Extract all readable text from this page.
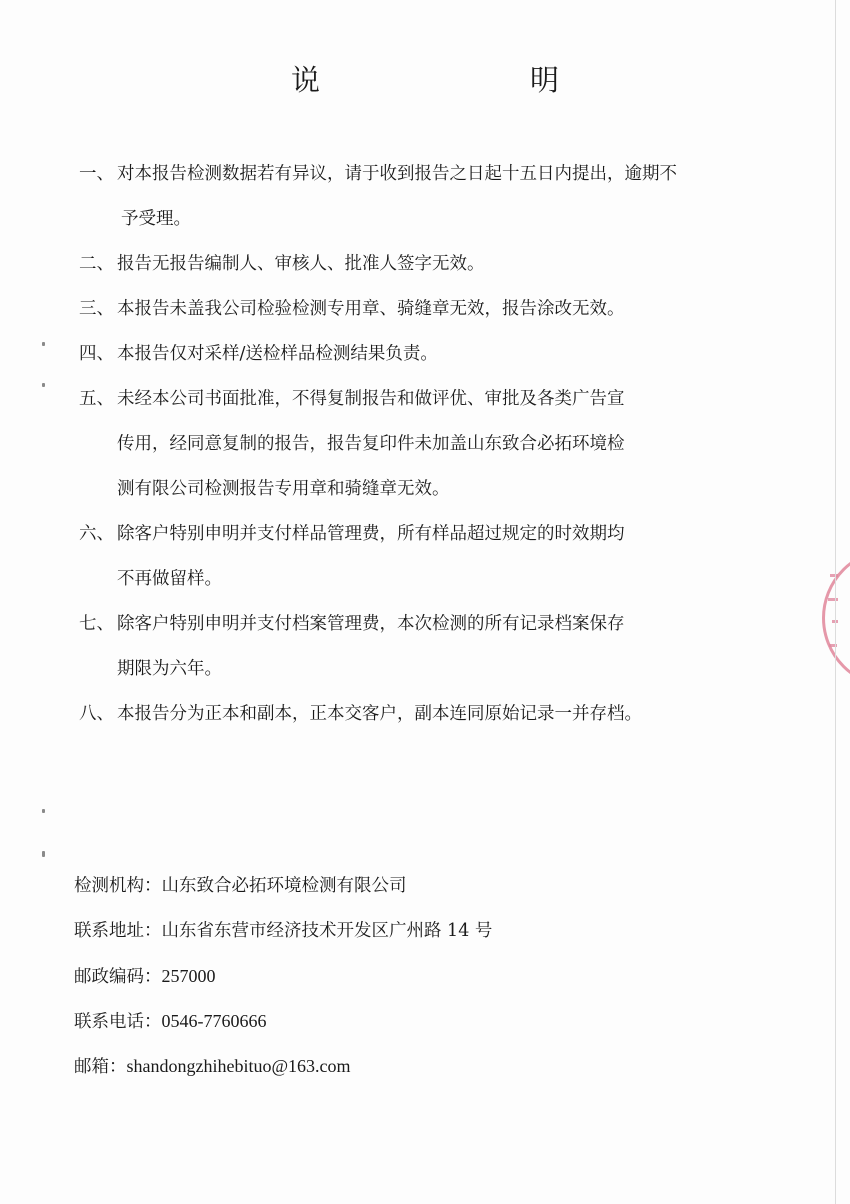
说	明
一、 对本报告检测数据若有异议，请于收到报告之日起十五日内提出，逾期不
予受理。
二、 报告无报告编制人、审核人、批准人签字无效。
三、 本报告未盖我公司检验检测专用章、骑缝章无效，报告涂改无效。
四、 本报告仅对采样/送检样品检测结果负责。
五、 未经本公司书面批准，不得复制报告和做评优、审批及各类广告宣
传用，经同意复制的报告，报告复印件未加盖山东致合必拓环境检
测有限公司检测报告专用章和骑缝章无效。
六、 除客户特别申明并支付样品管理费，所有样品超过规定的时效期均
不再做留样。
七、 除客户特别申明并支付档案管理费，本次检测的所有记录档案保存
期限为六年。
八、 本报告分为正本和副本，正本交客户，副本连同原始记录一并存档。
检测机构：山东致合必拓环境检测有限公司
联系地址：山东省东营市经济技术开发区广州路 14 号
邮政编码：257000
联系电话：0546-7760666
邮箱：shandongzhihebituo@163.com
